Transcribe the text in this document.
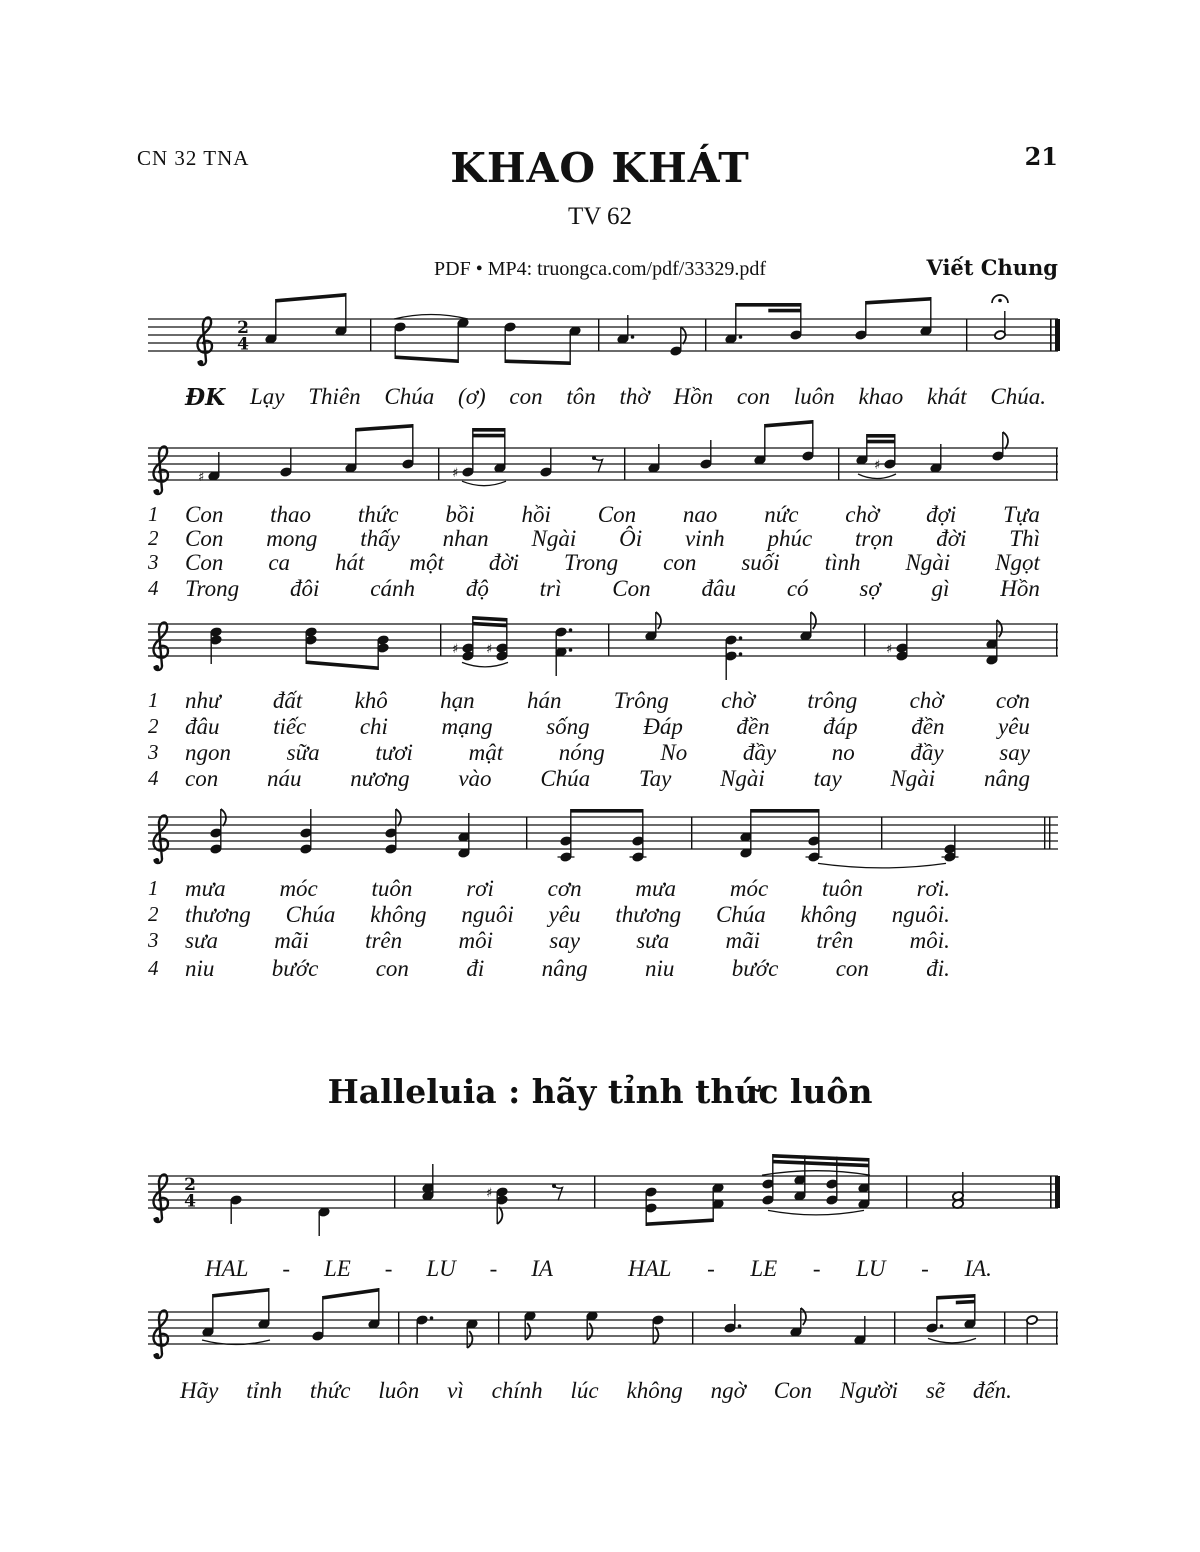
CN 32 TNA	21
KHAO KHÁT
TV 62
PDF • MP4: truongca.com/pdf/33329.pdf	Viết Chung
2
4
♯	♯
♯
♯ ♯	♯
2
4	♯
ĐK Lạy Thiên Chúa (ơ) con tôn thờ Hồn con luôn khao khát Chúa.
1	Con thao thức bồi hồi Con nao nức chờ đợi Tựa
2	Con mong thấy nhan Ngài Ôi vinh phúc trọn đời Thì
3	Con ca hát một đời Trong con suối tình Ngài Ngọt
4	Trong đôi cánh độ trì Con đâu có sợ gì Hồn
1	như đất khô hạn hán Trông chờ trông chờ cơn
2	đâu tiếc chi mạng sống Đáp đền đáp đền yêu
3	ngon sữa tươi mật nóng No đầy no đầy say
4	con náu nương vào Chúa Tay Ngài tay Ngài nâng
1	mưa móc tuôn rơi cơn mưa móc tuôn rơi.
2	thương Chúa không nguôi yêu thương Chúa không nguôi.
3	sưa mãi trên môi say sưa mãi trên môi.
4	niu bước con đi nâng niu bước con đi.
Halleluia : hãy tỉnh thức luôn
HAL - LE - LU - IA	HAL - LE - LU - IA.
Hãy tỉnh thức luôn vì chính lúc không ngờ Con Người sẽ đến.
